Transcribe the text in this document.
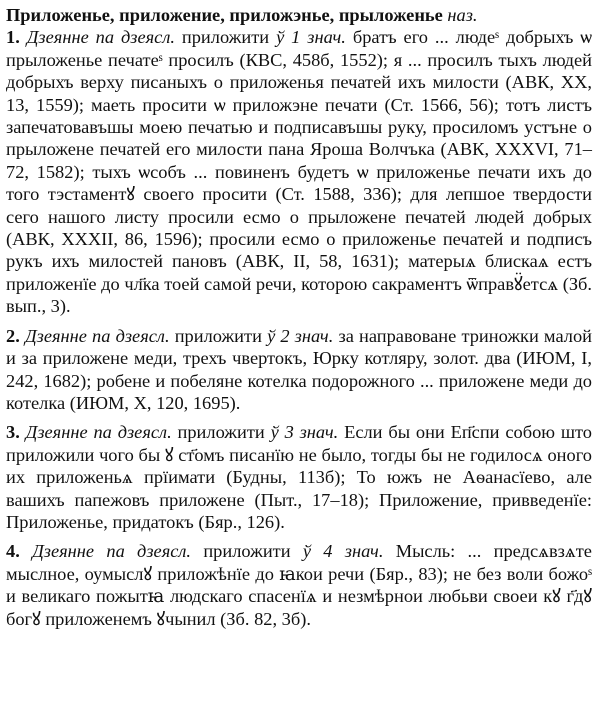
Приложенье, приложение, приложэнье, прыложенье наз.
1. Дзеянне па дзеясл. приложити ў 1 знач. братъ его ... людеˢ добрыхъ ѡ прыложенье печатеˢ просилъ (КВС, 458б, 1552); я ... просилъ тыхъ людей добрыхъ верху писаныхъ о приложенья печатей ихъ милости (АВК, XX, 13, 1559); маеть просити ѡ приложэне печати (Ст. 1566, 56); тотъ листъ запечатовавъшы моею печатью и подписавъшы руку, просиломъ устъне о прыложене печатей его милости пана Яроша Волчъка (АВК, XXXVI, 71–72, 1582); тыхъ ѡсобъ ... повиненъ будетъ ѡ приложенье печати ихъ до того тэстаментꙋ своего просити (Ст. 1588, 336); для лепшое твердости сего нашого листу просили есмо о прыложене печатей людей добрых (АВК, XXXII, 86, 1596); просили есмо о приложенье печатей и подписъ рукъ ихъ милостей пановъ (АВК, II, 58, 1631); матерыѧ блискаѧ естъ приложенїе до чл҃ка тоей самой речи, которою сакраментъ ѿправꙋ̈етсѧ (Зб. вып., 3).

2. Дзеянне па дзеясл. приложити ў 2 знач. за направоване триножки малой и за приложене меди, трехъ чвертокъ, Юрку котляру, золот. два (ИЮМ, I, 242, 1682); робене и побеляне котелка подорожного ... приложене меди до котелка (ИЮМ, X, 120, 1695).

3. Дзеянне па дзеясл. приложити ў 3 знач. Если бы они Еп҃спи собою што приложили чого бы ꙋ ст҃омъ писанїю не было, тогды бы не годилосѧ оного их приложеньѧ прїимати (Будны, 113б); То южъ не Аѳанасїево, але вашихъ папежовъ приложене (Пыт., 17–18); Приложение, привведенїе: Приложенье, придатокъ (Бяр., 126).

4. Дзеянне па дзеясл. приложити ў 4 знач. Мысль: ... предсѧвзѧте мыслное, оумыслꙋ приложѣнїе до ꙗкои речи (Бяр., 83); не без воли божоˢ и великаго пожытꙗ людскаго спасенїѧ и незмѣрнои любьви своеи кꙋ г҃дꙋ богꙋ приложенемъ ꙋчынил (Зб. 82, 3б).
